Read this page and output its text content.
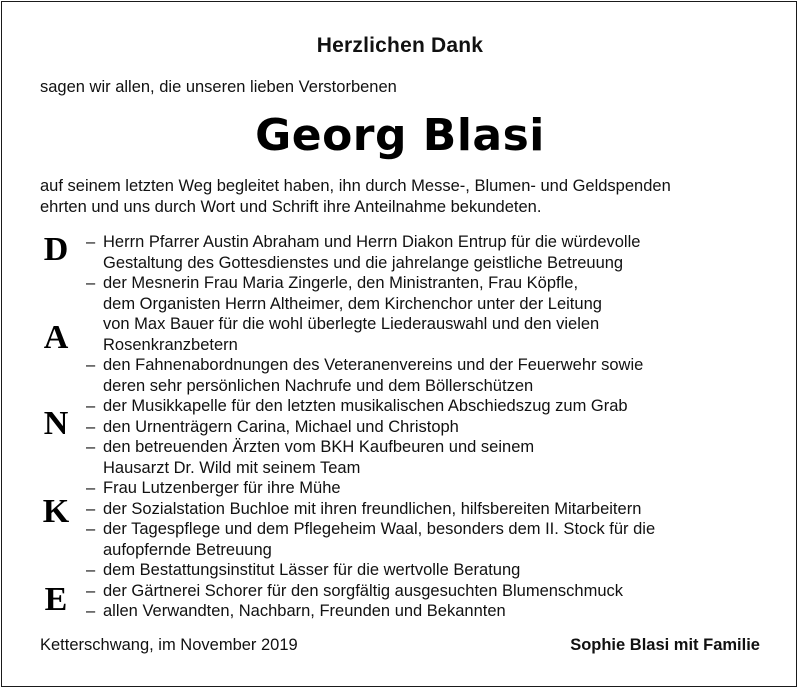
Herzlichen Dank
sagen wir allen, die unseren lieben Verstorbenen
Georg Blasi
auf seinem letzten Weg begleitet haben, ihn durch Messe-, Blumen- und Geldspenden
ehrten und uns durch Wort und Schrift ihre Anteilnahme bekundeten.
D
A
N
K
E
– Herrn Pfarrer Austin Abraham und Herrn Diakon Entrup für die würdevolle
Gestaltung des Gottesdienstes und die jahrelange geistliche Betreuung
– der Mesnerin Frau Maria Zingerle, den Ministranten, Frau Köpfle,
dem Organisten Herrn Altheimer, dem Kirchenchor unter der Leitung
von Max Bauer für die wohl überlegte Liederauswahl und den vielen
Rosenkranzbetern
– den Fahnenabordnungen des Veteranenvereins und der Feuerwehr sowie
deren sehr persönlichen Nachrufe und dem Böllerschützen
– der Musikkapelle für den letzten musikalischen Abschiedszug zum Grab
– den Urnenträgern Carina, Michael und Christoph
– den betreuenden Ärzten vom BKH Kaufbeuren und seinem
Hausarzt Dr. Wild mit seinem Team
– Frau Lutzenberger für ihre Mühe
– der Sozialstation Buchloe mit ihren freundlichen, hilfsbereiten Mitarbeitern
– der Tagespflege und dem Pflegeheim Waal, besonders dem II. Stock für die
aufopfernde Betreuung
– dem Bestattungsinstitut Lässer für die wertvolle Beratung
– der Gärtnerei Schorer für den sorgfältig ausgesuchten Blumenschmuck
– allen Verwandten, Nachbarn, Freunden und Bekannten
Ketterschwang, im November 2019	Sophie Blasi mit Familie
